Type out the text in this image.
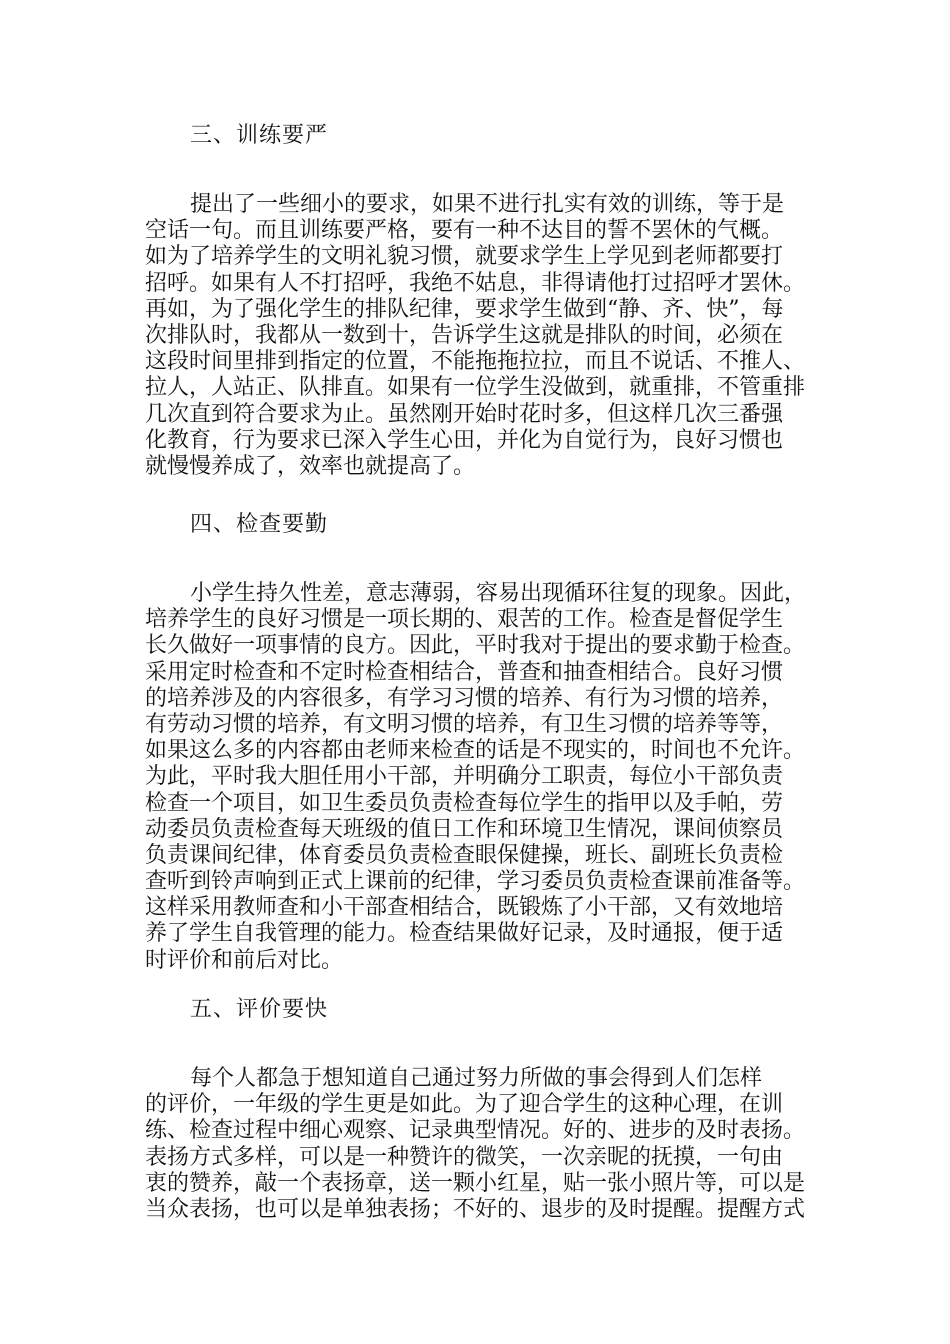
三、训练要严
提出了一些细小的要求，如果不进行扎实有效的训练，等于是
空话一句。而且训练要严格，要有一种不达目的誓不罢休的气概。
如为了培养学生的文明礼貌习惯，就要求学生上学见到老师都要打
招呼。如果有人不打招呼，我绝不姑息，非得请他打过招呼才罢休。
再如，为了强化学生的排队纪律，要求学生做到“静、齐、快”，每
次排队时，我都从一数到十，告诉学生这就是排队的时间，必须在
这段时间里排到指定的位置，不能拖拖拉拉，而且不说话、不推人、
拉人，人站正、队排直。如果有一位学生没做到，就重排，不管重排
几次直到符合要求为止。虽然刚开始时花时多，但这样几次三番强
化教育，行为要求已深入学生心田，并化为自觉行为，良好习惯也
就慢慢养成了，效率也就提高了。
四、检查要勤
小学生持久性差，意志薄弱，容易出现循环往复的现象。因此，
培养学生的良好习惯是一项长期的、艰苦的工作。检查是督促学生
长久做好一项事情的良方。因此，平时我对于提出的要求勤于检查。
采用定时检查和不定时检查相结合，普查和抽查相结合。良好习惯
的培养涉及的内容很多，有学习习惯的培养、有行为习惯的培养，
有劳动习惯的培养，有文明习惯的培养，有卫生习惯的培养等等，
如果这么多的内容都由老师来检查的话是不现实的，时间也不允许。
为此，平时我大胆任用小干部，并明确分工职责，每位小干部负责
检查一个项目，如卫生委员负责检查每位学生的指甲以及手帕，劳
动委员负责检查每天班级的值日工作和环境卫生情况，课间侦察员
负责课间纪律，体育委员负责检查眼保健操，班长、副班长负责检
查听到铃声响到正式上课前的纪律，学习委员负责检查课前准备等。
这样采用教师查和小干部查相结合，既锻炼了小干部，又有效地培
养了学生自我管理的能力。检查结果做好记录，及时通报，便于适
时评价和前后对比。
五、评价要快
每个人都急于想知道自己通过努力所做的事会得到人们怎样
的评价，一年级的学生更是如此。为了迎合学生的这种心理，在训
练、检查过程中细心观察、记录典型情况。好的、进步的及时表扬。
表扬方式多样，可以是一种赞许的微笑，一次亲昵的抚摸，一句由
衷的赞养，敲一个表扬章，送一颗小红星，贴一张小照片等，可以是
当众表扬，也可以是单独表扬；不好的、退步的及时提醒。提醒方式
